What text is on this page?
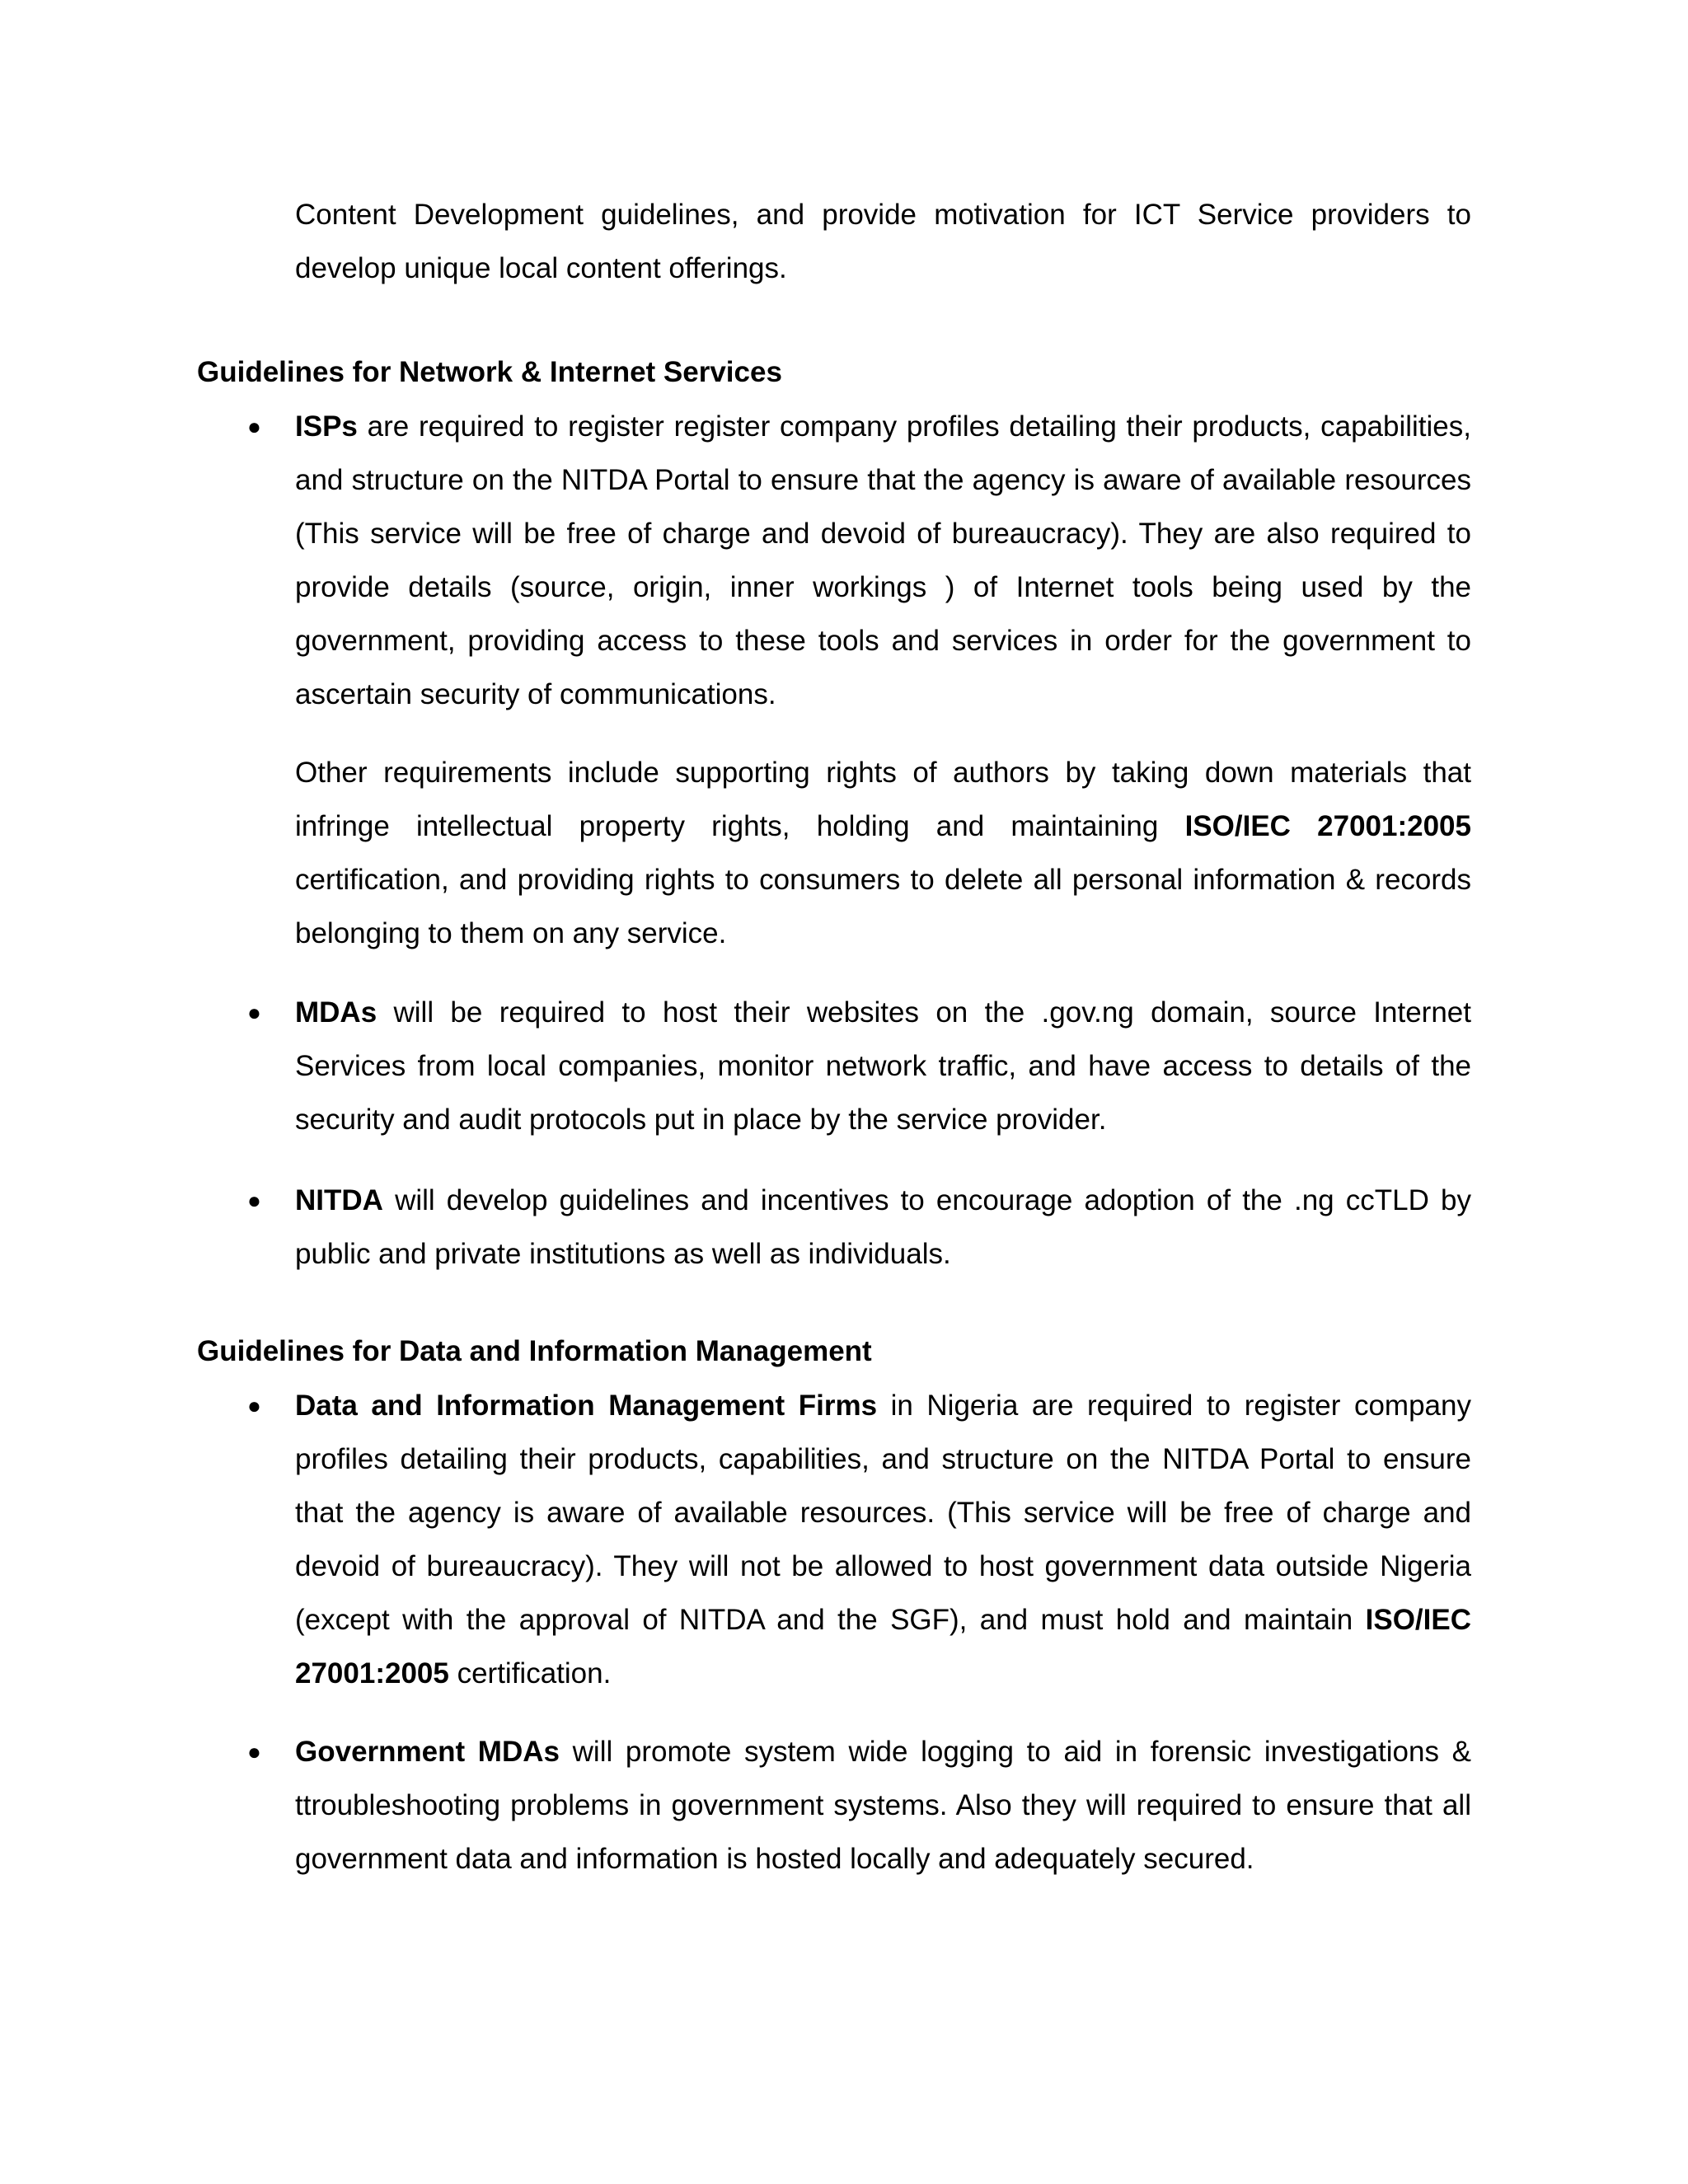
Content Development guidelines, and provide motivation for ICT Service providers to develop unique local content offerings.

Guidelines for Network & Internet Services
●	ISPs are required to register register company profiles detailing their products, capabilities, and structure on the NITDA Portal to ensure that the agency is aware of available resources (This service will be free of charge and devoid of bureaucracy). They are also required to provide details (source, origin, inner workings ) of Internet tools being used by the government, providing access to these tools and services in order for the government to ascertain security of communications.

Other requirements include supporting rights of authors by taking down materials that infringe intellectual property rights, holding and maintaining ISO/IEC 27001:2005 certification, and providing rights to consumers to delete all personal information & records belonging to them on any service.

●	MDAs will be required to host their websites on the .gov.ng domain, source Internet Services from local companies, monitor network traffic, and have access to details of the security and audit protocols put in place by the service provider.

●	NITDA will develop guidelines and incentives to encourage adoption of the .ng ccTLD by public and private institutions as well as individuals.

Guidelines for Data and Information Management
●	Data and Information Management Firms in Nigeria are required to register company profiles detailing their products, capabilities, and structure on the NITDA Portal to ensure that the agency is aware of available resources. (This service will be free of charge and devoid of bureaucracy). They will not be allowed to host government data outside Nigeria (except with the approval of NITDA and the SGF), and must hold and maintain ISO/IEC 27001:2005 certification.

●	Government MDAs will promote system wide logging to aid in forensic investigations & ttroubleshooting problems in government systems. Also they will required to ensure that all government data and information is hosted locally and adequately secured.
